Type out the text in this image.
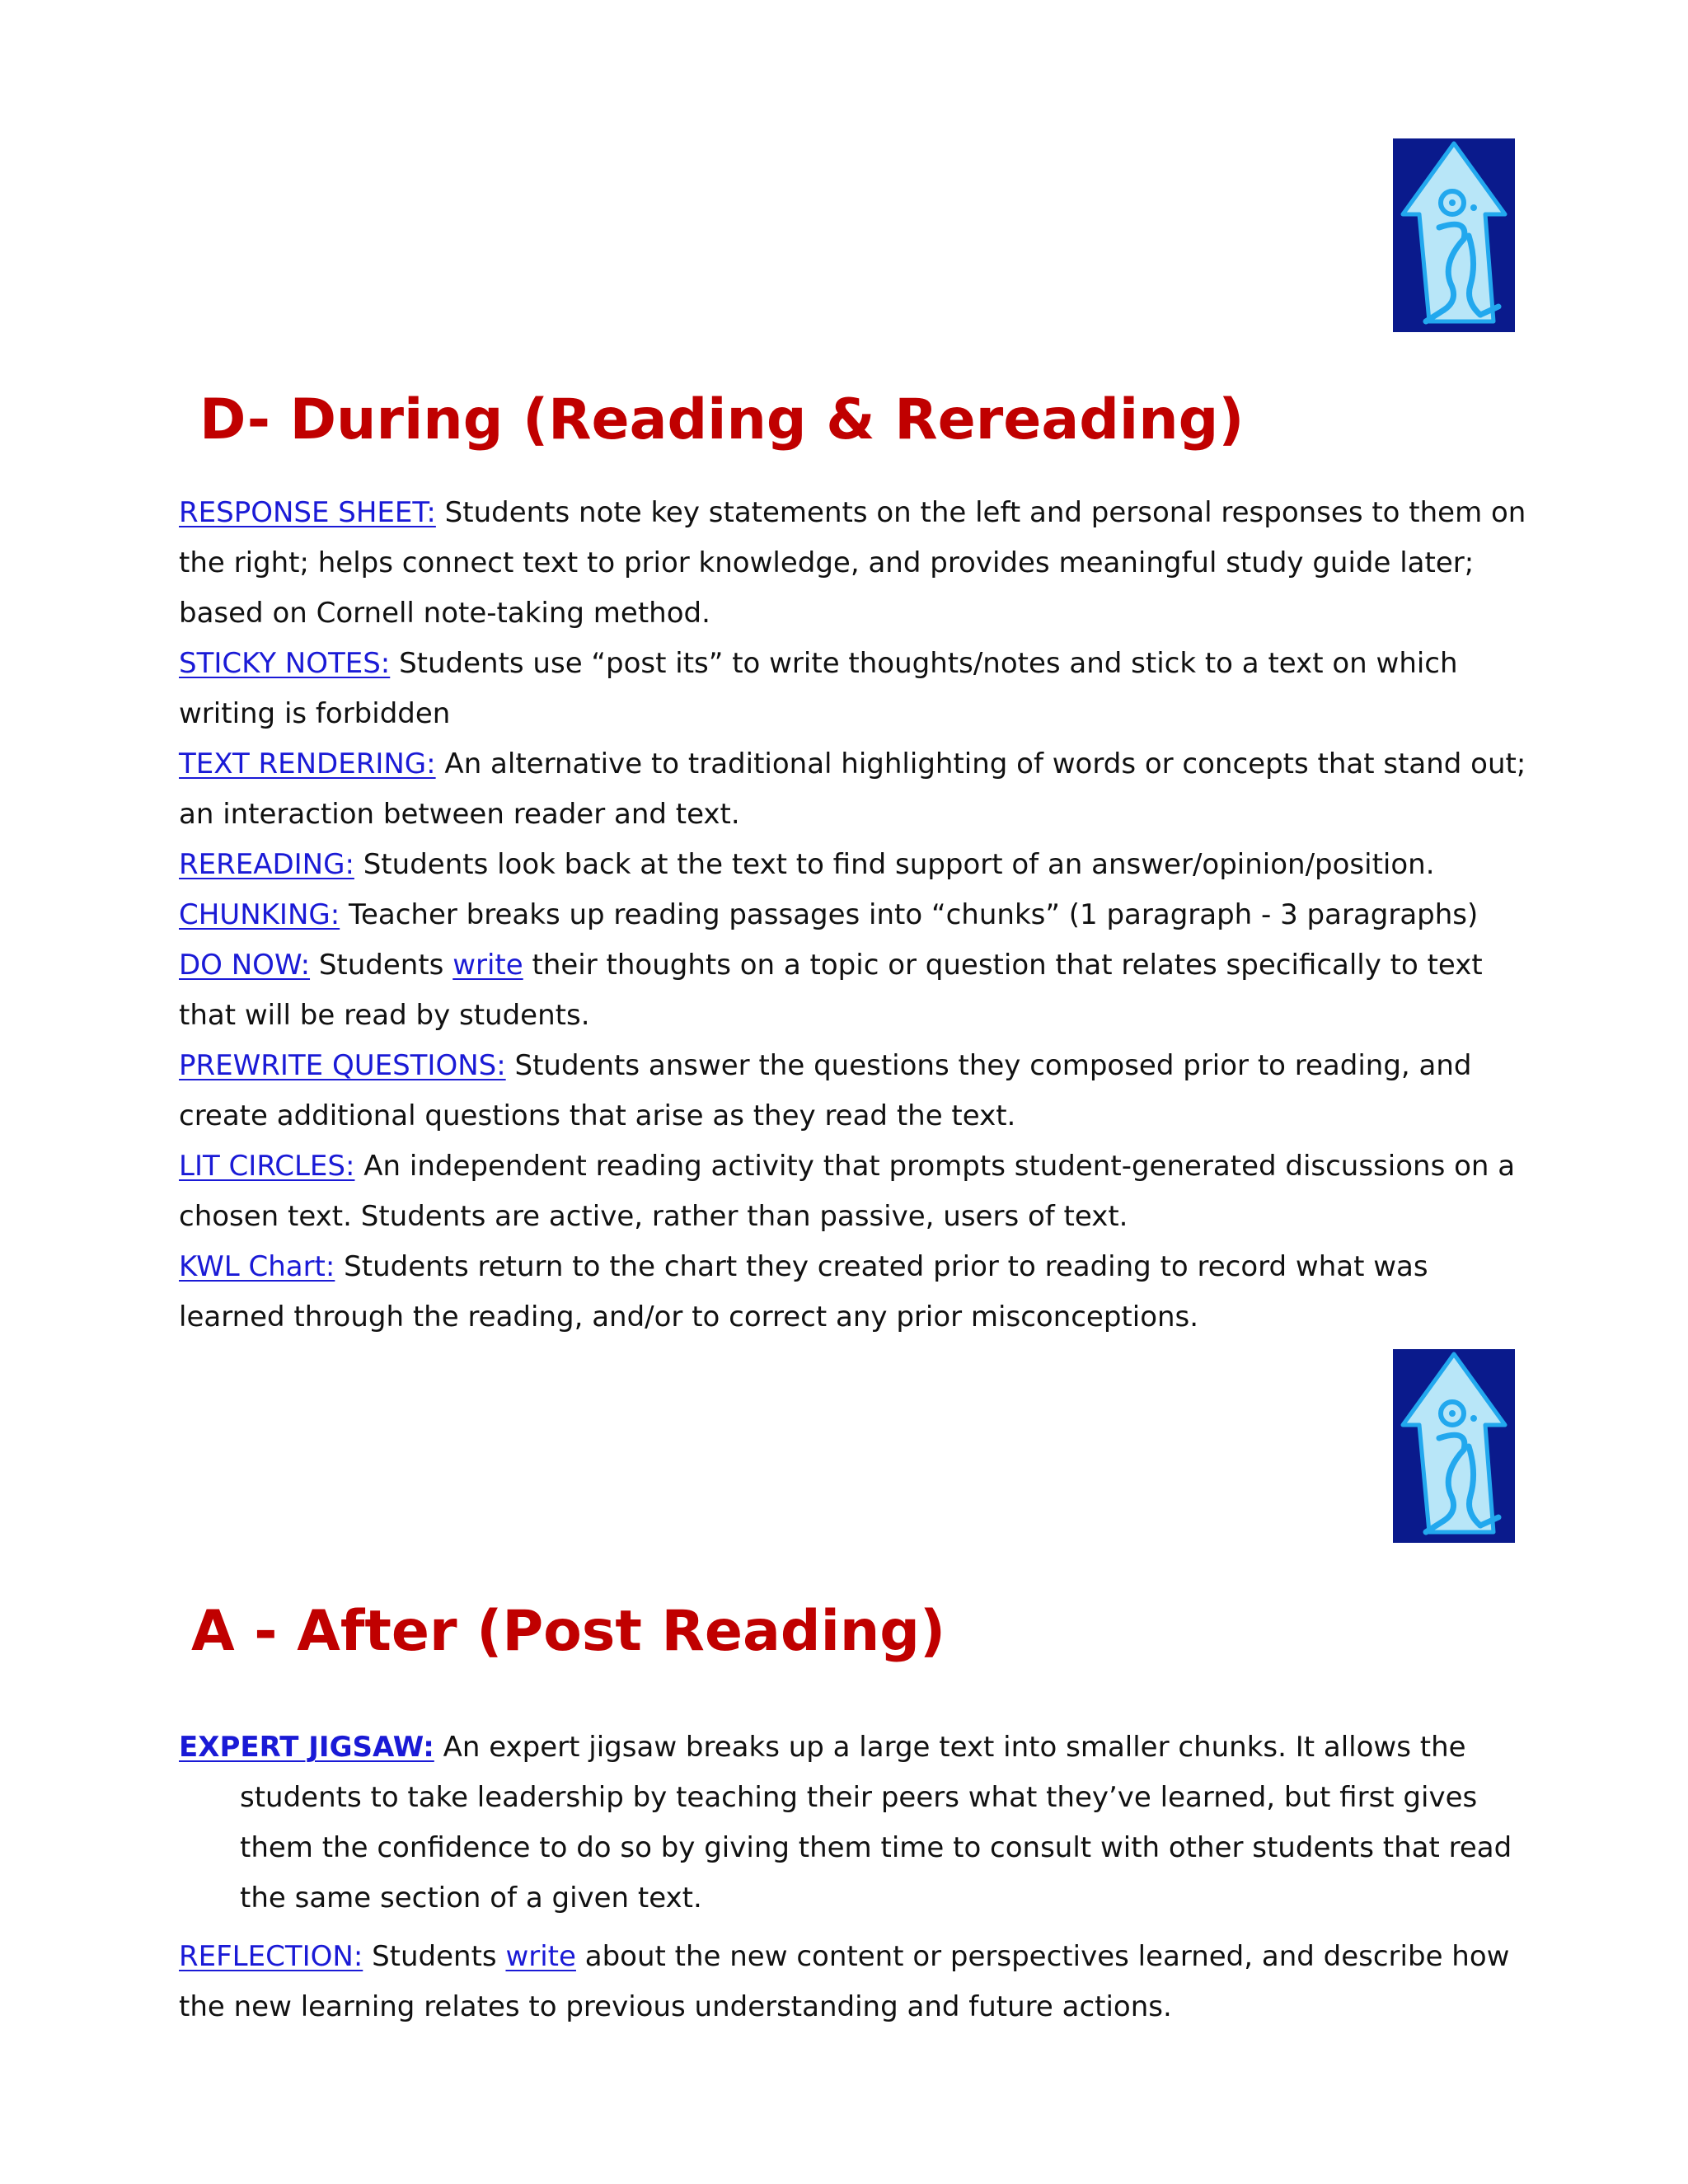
D- During (Reading & Rereading)

RESPONSE SHEET: Students note key statements on the left and personal responses to them on the right; helps connect text to prior knowledge, and provides meaningful study guide later; based on Cornell note-taking method.

STICKY NOTES: Students use “post its” to write thoughts/notes and stick to a text on which writing is forbidden

TEXT RENDERING: An alternative to traditional highlighting of words or concepts that stand out; an interaction between reader and text.

REREADING: Students look back at the text to find support of an answer/opinion/position.

CHUNKING: Teacher breaks up reading passages into “chunks” (1 paragraph - 3 paragraphs)

DO NOW: Students write their thoughts on a topic or question that relates specifically to text that will be read by students.

PREWRITE QUESTIONS: Students answer the questions they composed prior to reading, and create additional questions that arise as they read the text.

LIT CIRCLES: An independent reading activity that prompts student-generated discussions on a chosen text. Students are active, rather than passive, users of text.

KWL Chart: Students return to the chart they created prior to reading to record what was learned through the reading, and/or to correct any prior misconceptions.

A - After (Post Reading)

EXPERT JIGSAW: An expert jigsaw breaks up a large text into smaller chunks. It allows the students to take leadership by teaching their peers what they’ve learned, but first gives them the confidence to do so by giving them time to consult with other students that read the same section of a given text.

REFLECTION: Students write about the new content or perspectives learned, and describe how the new learning relates to previous understanding and future actions.
